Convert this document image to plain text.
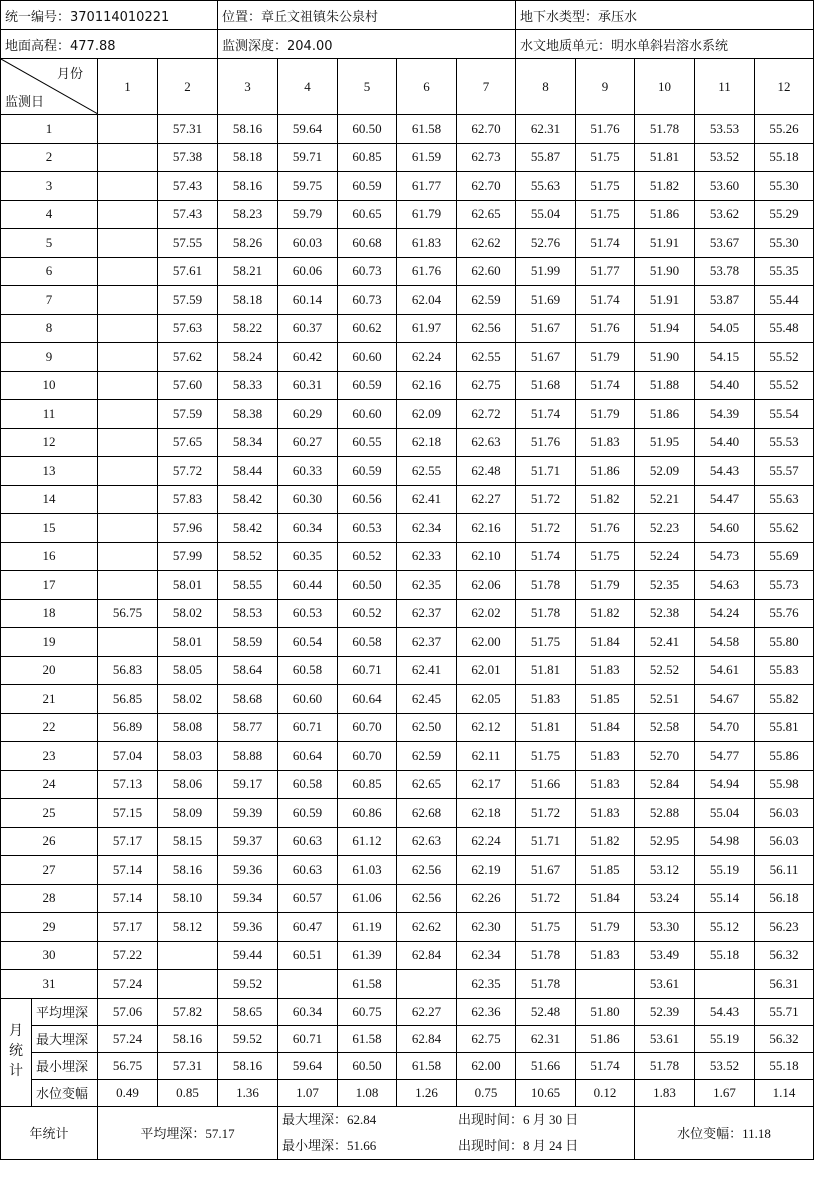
统一编号：370114010221				位置：章丘文祖镇朱公泉村					地下水类型：承压水				
地面高程：477.88				监测深度：204.00					水文地质单元：明水单斜岩溶水系统				

月份
监测日		1	2	3	4	5	6	7	8	9	10	11	12
1			57.31	58.16	59.64	60.50	61.58	62.70	62.31	51.76	51.78	53.53	55.26
2			57.38	58.18	59.71	60.85	61.59	62.73	55.87	51.75	51.81	53.52	55.18
3			57.43	58.16	59.75	60.59	61.77	62.70	55.63	51.75	51.82	53.60	55.30
4			57.43	58.23	59.79	60.65	61.79	62.65	55.04	51.75	51.86	53.62	55.29
5			57.55	58.26	60.03	60.68	61.83	62.62	52.76	51.74	51.91	53.67	55.30
6			57.61	58.21	60.06	60.73	61.76	62.60	51.99	51.77	51.90	53.78	55.35
7			57.59	58.18	60.14	60.73	62.04	62.59	51.69	51.74	51.91	53.87	55.44
8			57.63	58.22	60.37	60.62	61.97	62.56	51.67	51.76	51.94	54.05	55.48
9			57.62	58.24	60.42	60.60	62.24	62.55	51.67	51.79	51.90	54.15	55.52
10			57.60	58.33	60.31	60.59	62.16	62.75	51.68	51.74	51.88	54.40	55.52
11			57.59	58.38	60.29	60.60	62.09	62.72	51.74	51.79	51.86	54.39	55.54
12			57.65	58.34	60.27	60.55	62.18	62.63	51.76	51.83	51.95	54.40	55.53
13			57.72	58.44	60.33	60.59	62.55	62.48	51.71	51.86	52.09	54.43	55.57
14			57.83	58.42	60.30	60.56	62.41	62.27	51.72	51.82	52.21	54.47	55.63
15			57.96	58.42	60.34	60.53	62.34	62.16	51.72	51.76	52.23	54.60	55.62
16			57.99	58.52	60.35	60.52	62.33	62.10	51.74	51.75	52.24	54.73	55.69
17			58.01	58.55	60.44	60.50	62.35	62.06	51.78	51.79	52.35	54.63	55.73
18		56.75	58.02	58.53	60.53	60.52	62.37	62.02	51.78	51.82	52.38	54.24	55.76
19			58.01	58.59	60.54	60.58	62.37	62.00	51.75	51.84	52.41	54.58	55.80
20		56.83	58.05	58.64	60.58	60.71	62.41	62.01	51.81	51.83	52.52	54.61	55.83
21		56.85	58.02	58.68	60.60	60.64	62.45	62.05	51.83	51.85	52.51	54.67	55.82
22		56.89	58.08	58.77	60.71	60.70	62.50	62.12	51.81	51.84	52.58	54.70	55.81
23		57.04	58.03	58.88	60.64	60.70	62.59	62.11	51.75	51.83	52.70	54.77	55.86
24		57.13	58.06	59.17	60.58	60.85	62.65	62.17	51.66	51.83	52.84	54.94	55.98
25		57.15	58.09	59.39	60.59	60.86	62.68	62.18	51.72	51.83	52.88	55.04	56.03
26		57.17	58.15	59.37	60.63	61.12	62.63	62.24	51.71	51.82	52.95	54.98	56.03
27		57.14	58.16	59.36	60.63	61.03	62.56	62.19	51.67	51.85	53.12	55.19	56.11
28		57.14	58.10	59.34	60.57	61.06	62.56	62.26	51.72	51.84	53.24	55.14	56.18
29		57.17	58.12	59.36	60.47	61.19	62.62	62.30	51.75	51.79	53.30	55.12	56.23
30		57.22		59.44	60.51	61.39	62.84	62.34	51.78	51.83	53.49	55.18	56.32
31		57.24		59.52		61.58		62.35	51.78		53.61		56.31

月
统
计	平均埋深	57.06	57.82	58.65	60.34	60.75	62.27	62.36	52.48	51.80	52.39	54.43	55.71
	最大埋深	57.24	58.16	59.52	60.71	61.58	62.84	62.75	62.31	51.86	53.61	55.19	56.32
	最小埋深	56.75	57.31	58.16	59.64	60.50	61.58	62.00	51.66	51.74	51.78	53.52	55.18
	水位变幅	0.49	0.85	1.36	1.07	1.08	1.26	0.75	10.65	0.12	1.83	1.67	1.14
年统计		平均埋深：57.17			最大埋深：62.84 出现时间：6 月 30 日
最小埋深：51.66 出现时间：8 月 24 日						水位变幅：11.18		
